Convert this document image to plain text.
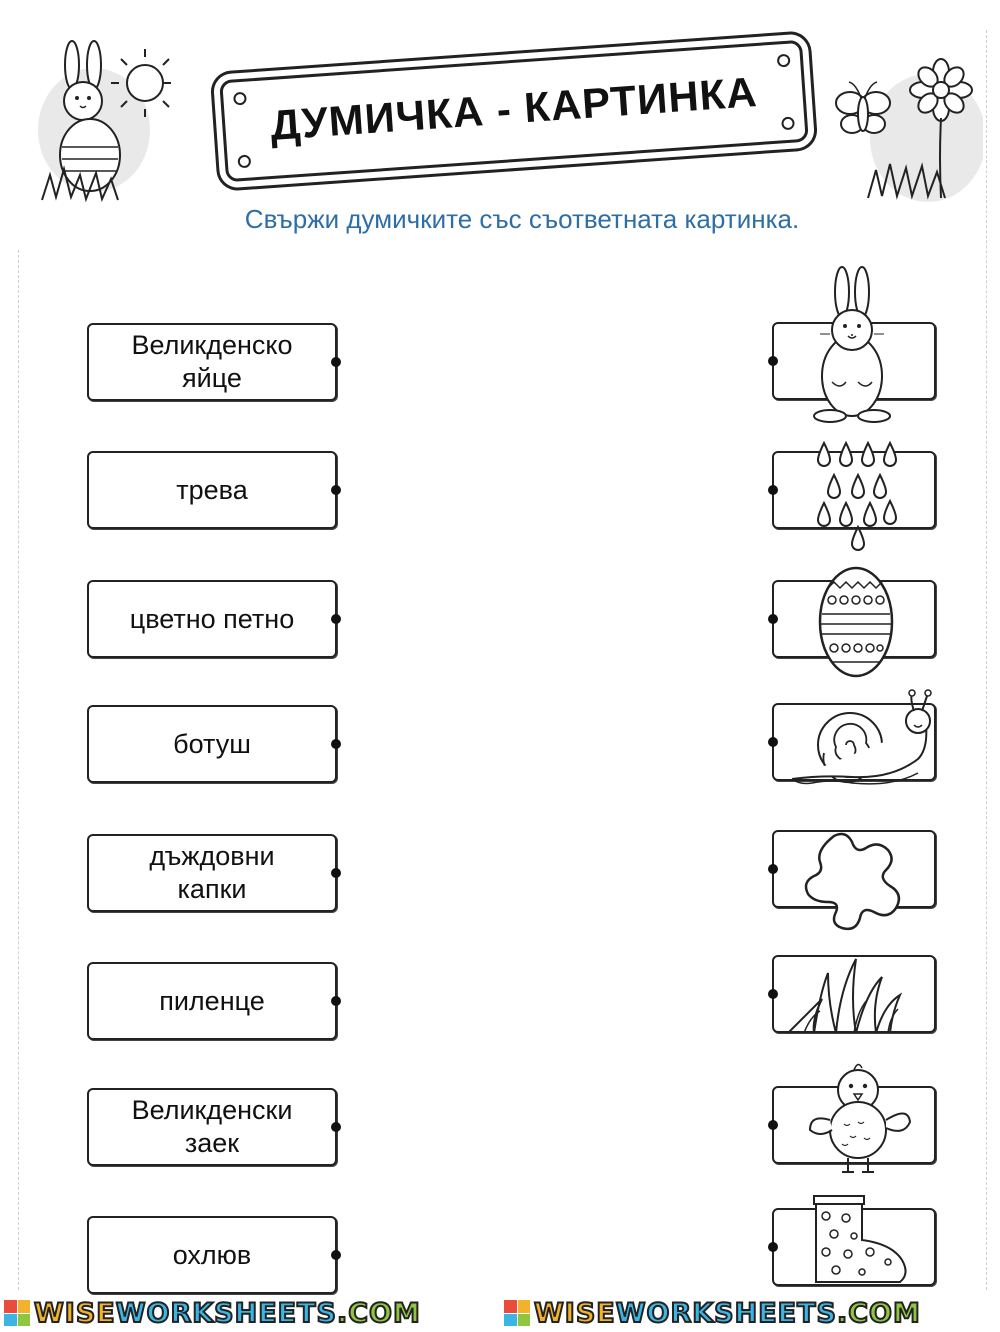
ДУМИЧКА - КАРТИНКА
Свържи думичките със съответната картинка.
Великденско
яйце
трева
цветно петно
ботуш
дъждовни
капки
пиленце
Великденски
заек
охлюв
WISEWORKSHEETS.COM	WISEWORKSHEETS.COM
